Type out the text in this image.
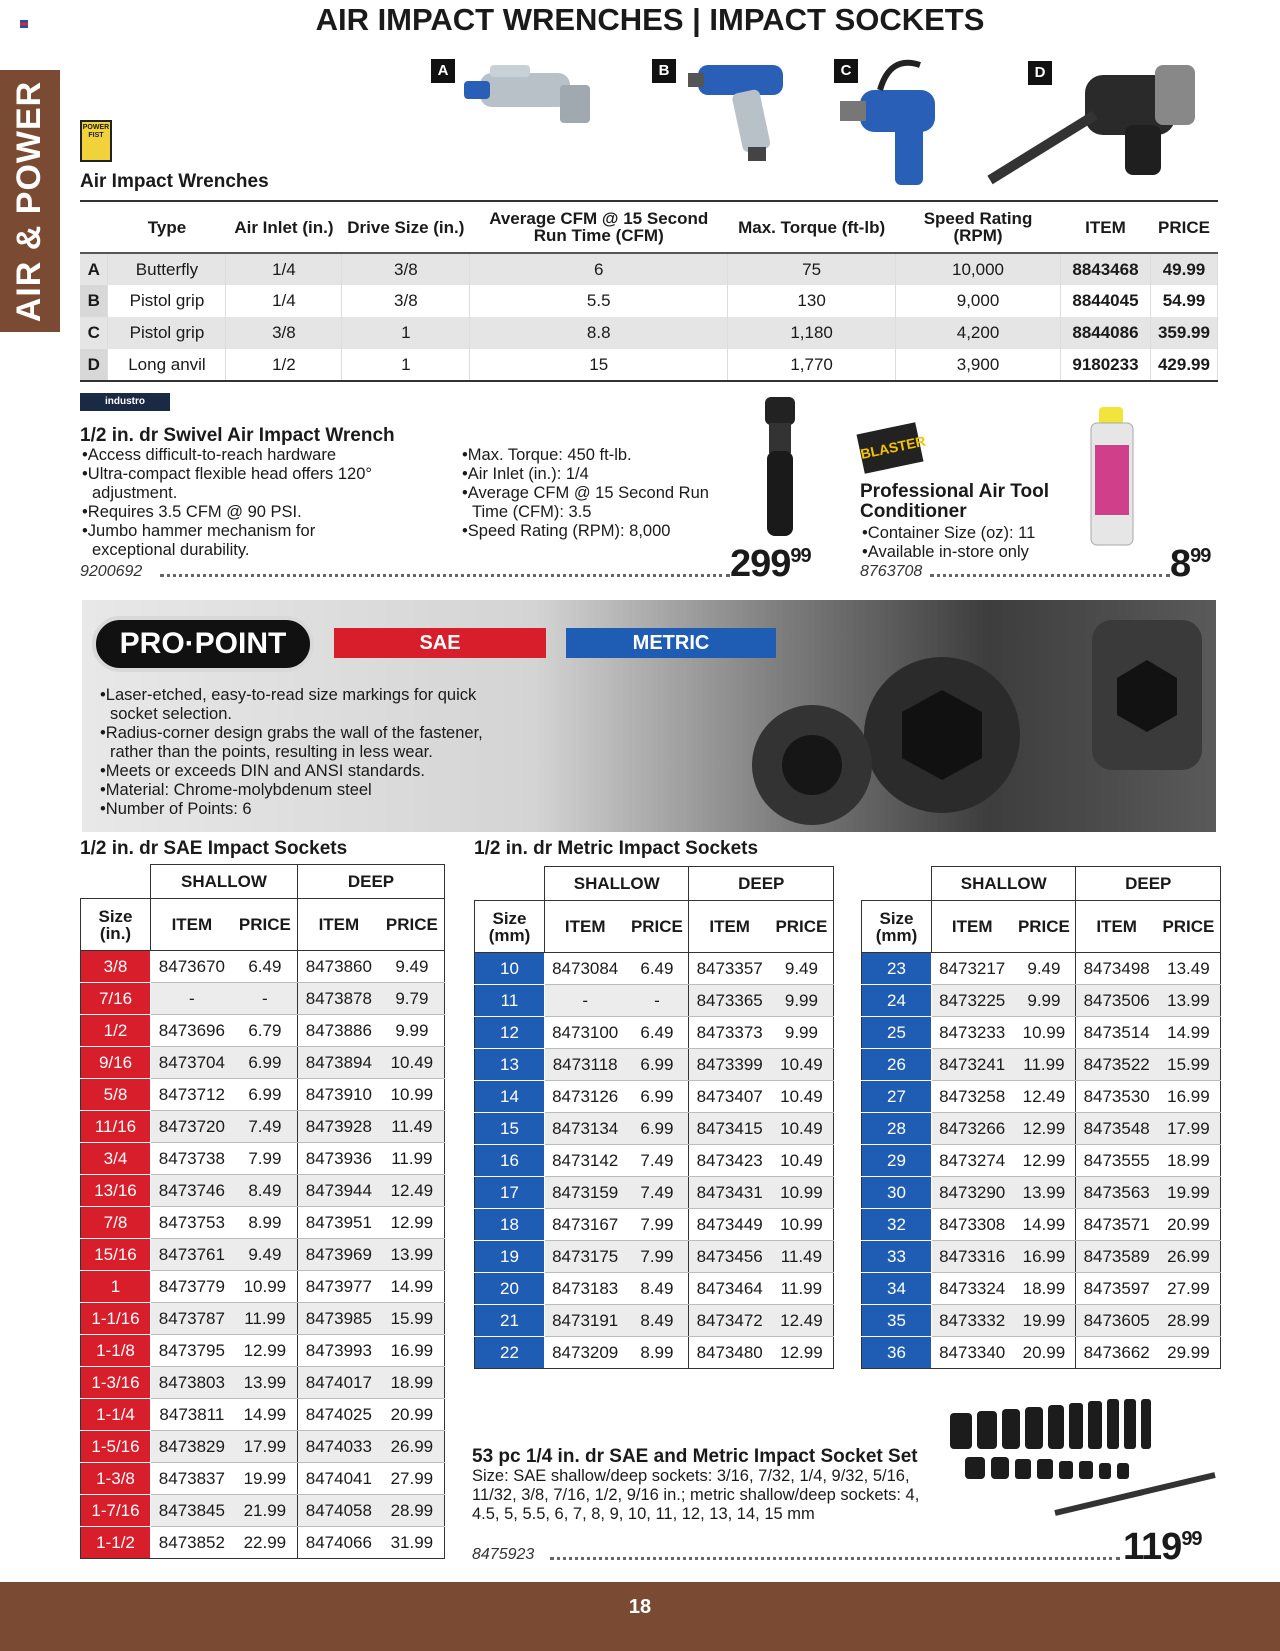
AIR & POWER
AIR IMPACT WRENCHES | IMPACT SOCKETS
A	B	C	D
POWER FIST
Air Impact Wrenches
	Type	Air Inlet (in.)	Drive Size (in.)	Average CFM @ 15 Second Run Time (CFM)	Max. Torque (ft-lb)	Speed Rating (RPM)	ITEM	PRICE
A	Butterfly	1/4	3/8	6	75	10,000	8843468	49.99
B	Pistol grip	1/4	3/8	5.5	130	9,000	8844045	54.99
C	Pistol grip	3/8	1	8.8	1,180	4,200	8844086	359.99
D	Long anvil	1/2	1	15	1,770	3,900	9180233	429.99
industro
1/2 in. dr Swivel Air Impact Wrench
•Access difficult-to-reach hardware
•Ultra-compact flexible head offers 120° adjustment.
•Requires 3.5 CFM @ 90 PSI.
•Jumbo hammer mechanism for exceptional durability.
•Max. Torque: 450 ft-lb.
•Air Inlet (in.): 1/4
•Average CFM @ 15 Second Run Time (CFM): 3.5
•Speed Rating (RPM): 8,000
9200692	$299^{99}$
BLASTER
Professional Air Tool Conditioner
•Container Size (oz): 11
•Available in-store only
8763708	$8^{99}$
PRO·POINT	SAE	METRIC
•Laser-etched, easy-to-read size markings for quick socket selection.
•Radius-corner design grabs the wall of the fastener, rather than the points, resulting in less wear.
•Meets or exceeds DIN and ANSI standards.
•Material: Chrome-molybdenum steel
•Number of Points: 6
1/2 in. dr SAE Impact Sockets
	SHALLOW		DEEP	
Size (in.)	ITEM	PRICE	ITEM	PRICE
3/8	8473670	6.49	8473860	9.49
7/16	-	-	8473878	9.79
1/2	8473696	6.79	8473886	9.99
9/16	8473704	6.99	8473894	10.49
5/8	8473712	6.99	8473910	10.99
11/16	8473720	7.49	8473928	11.49
3/4	8473738	7.99	8473936	11.99
13/16	8473746	8.49	8473944	12.49
7/8	8473753	8.99	8473951	12.99
15/16	8473761	9.49	8473969	13.99
1	8473779	10.99	8473977	14.99
1-1/16	8473787	11.99	8473985	15.99
1-1/8	8473795	12.99	8473993	16.99
1-3/16	8473803	13.99	8474017	18.99
1-1/4	8473811	14.99	8474025	20.99
1-5/16	8473829	17.99	8474033	26.99
1-3/8	8473837	19.99	8474041	27.99
1-7/16	8473845	21.99	8474058	28.99
1-1/2	8473852	22.99	8474066	31.99
1/2 in. dr Metric Impact Sockets
	SHALLOW		DEEP	
Size (mm)	ITEM	PRICE	ITEM	PRICE
10	8473084	6.49	8473357	9.49
11	-	-	8473365	9.99
12	8473100	6.49	8473373	9.99
13	8473118	6.99	8473399	10.49
14	8473126	6.99	8473407	10.49
15	8473134	6.99	8473415	10.49
16	8473142	7.49	8473423	10.49
17	8473159	7.49	8473431	10.99
18	8473167	7.99	8473449	10.99
19	8473175	7.99	8473456	11.49
20	8473183	8.49	8473464	11.99
21	8473191	8.49	8473472	12.49
22	8473209	8.99	8473480	12.99
	SHALLOW		DEEP	
Size (mm)	ITEM	PRICE	ITEM	PRICE
23	8473217	9.49	8473498	13.49
24	8473225	9.99	8473506	13.99
25	8473233	10.99	8473514	14.99
26	8473241	11.99	8473522	15.99
27	8473258	12.49	8473530	16.99
28	8473266	12.99	8473548	17.99
29	8473274	12.99	8473555	18.99
30	8473290	13.99	8473563	19.99
32	8473308	14.99	8473571	20.99
33	8473316	16.99	8473589	26.99
34	8473324	18.99	8473597	27.99
35	8473332	19.99	8473605	28.99
36	8473340	20.99	8473662	29.99
53 pc 1/4 in. dr SAE and Metric Impact Socket Set
Size: SAE shallow/deep sockets: 3/16, 7/32, 1/4, 9/32, 5/16, 11/32, 3/8, 7/16, 1/2, 9/16 in.; metric shallow/deep sockets: 4, 4.5, 5, 5.5, 6, 7, 8, 9, 10, 11, 12, 13, 14, 15 mm
8475923	$119^{99}$
18
